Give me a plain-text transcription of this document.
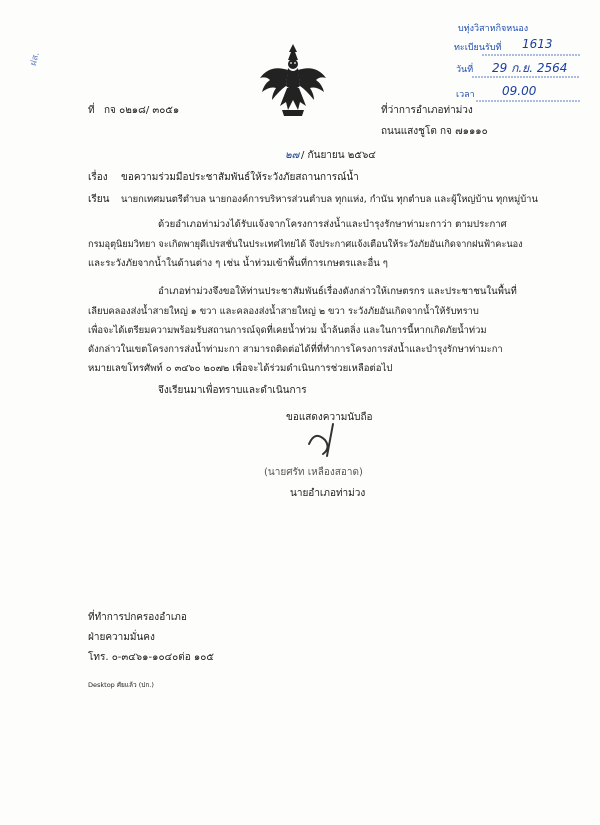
ฝส.
บทุ่งวิสาหกิจหนอง
ทะเบียนรับที่ 1613
วันที่ 29 ก.ย. 2564
เวลา 09.00
ที่ กจ ๐๒๑๘/ ๓๐๕๑	ที่ว่าการอำเภอท่าม่วง
ถนนแสงชูโต กจ ๗๑๑๑๐
๒๗ / กันยายน ๒๕๖๔
เรื่อง ขอความร่วมมือประชาสัมพันธ์ให้ระวังภัยสถานการณ์น้ำ
เรียน นายกเทศมนตรีตำบล นายกองค์การบริหารส่วนตำบล ทุกแห่ง, กำนัน ทุกตำบล และผู้ใหญ่บ้าน ทุกหมู่บ้าน
ด้วยอำเภอท่าม่วงได้รับแจ้งจากโครงการส่งน้ำและบำรุงรักษาท่ามะกาว่า ตามประกาศ
กรมอุตุนิยมวิทยา จะเกิดพายุดีเปรสชั่นในประเทศไทยได้ จึงประกาศแจ้งเตือนให้ระวังภัยอันเกิดจากฝนฟ้าคะนอง
และระวังภัยจากน้ำในด้านต่าง ๆ เช่น น้ำท่วมเข้าพื้นที่การเกษตรและอื่น ๆ
อำเภอท่าม่วงจึงขอให้ท่านประชาสัมพันธ์เรื่องดังกล่าวให้เกษตรกร และประชาชนในพื้นที่
เลียบคลองส่งน้ำสายใหญ่ ๑ ขวา และคลองส่งน้ำสายใหญ่ ๒ ขวา ระวังภัยอันเกิดจากน้ำให้รับทราบ
เพื่อจะได้เตรียมความพร้อมรับสถานการณ์จุดที่เคยน้ำท่วม น้ำล้นตลิ่ง และในการนี้หากเกิดภัยน้ำท่วม
ดังกล่าวในเขตโครงการส่งน้ำท่ามะกา สามารถติดต่อได้ที่ที่ทำการโครงการส่งน้ำและบำรุงรักษาท่ามะกา
หมายเลขโทรศัพท์ ๐ ๓๔๖๐ ๒๐๗๒ เพื่อจะได้ร่วมดำเนินการช่วยเหลือต่อไป
จึงเรียนมาเพื่อทราบและดำเนินการ
ขอแสดงความนับถือ
(นายศรัท เหลืองสอาด)
นายอำเภอท่าม่วง
ที่ทำการปกครองอำเภอ
ฝ่ายความมั่นคง
โทร. ๐-๓๔๖๑-๑๐๔๐ต่อ ๑๐๕
Desktop ศัยแล้ว (ปก.)
